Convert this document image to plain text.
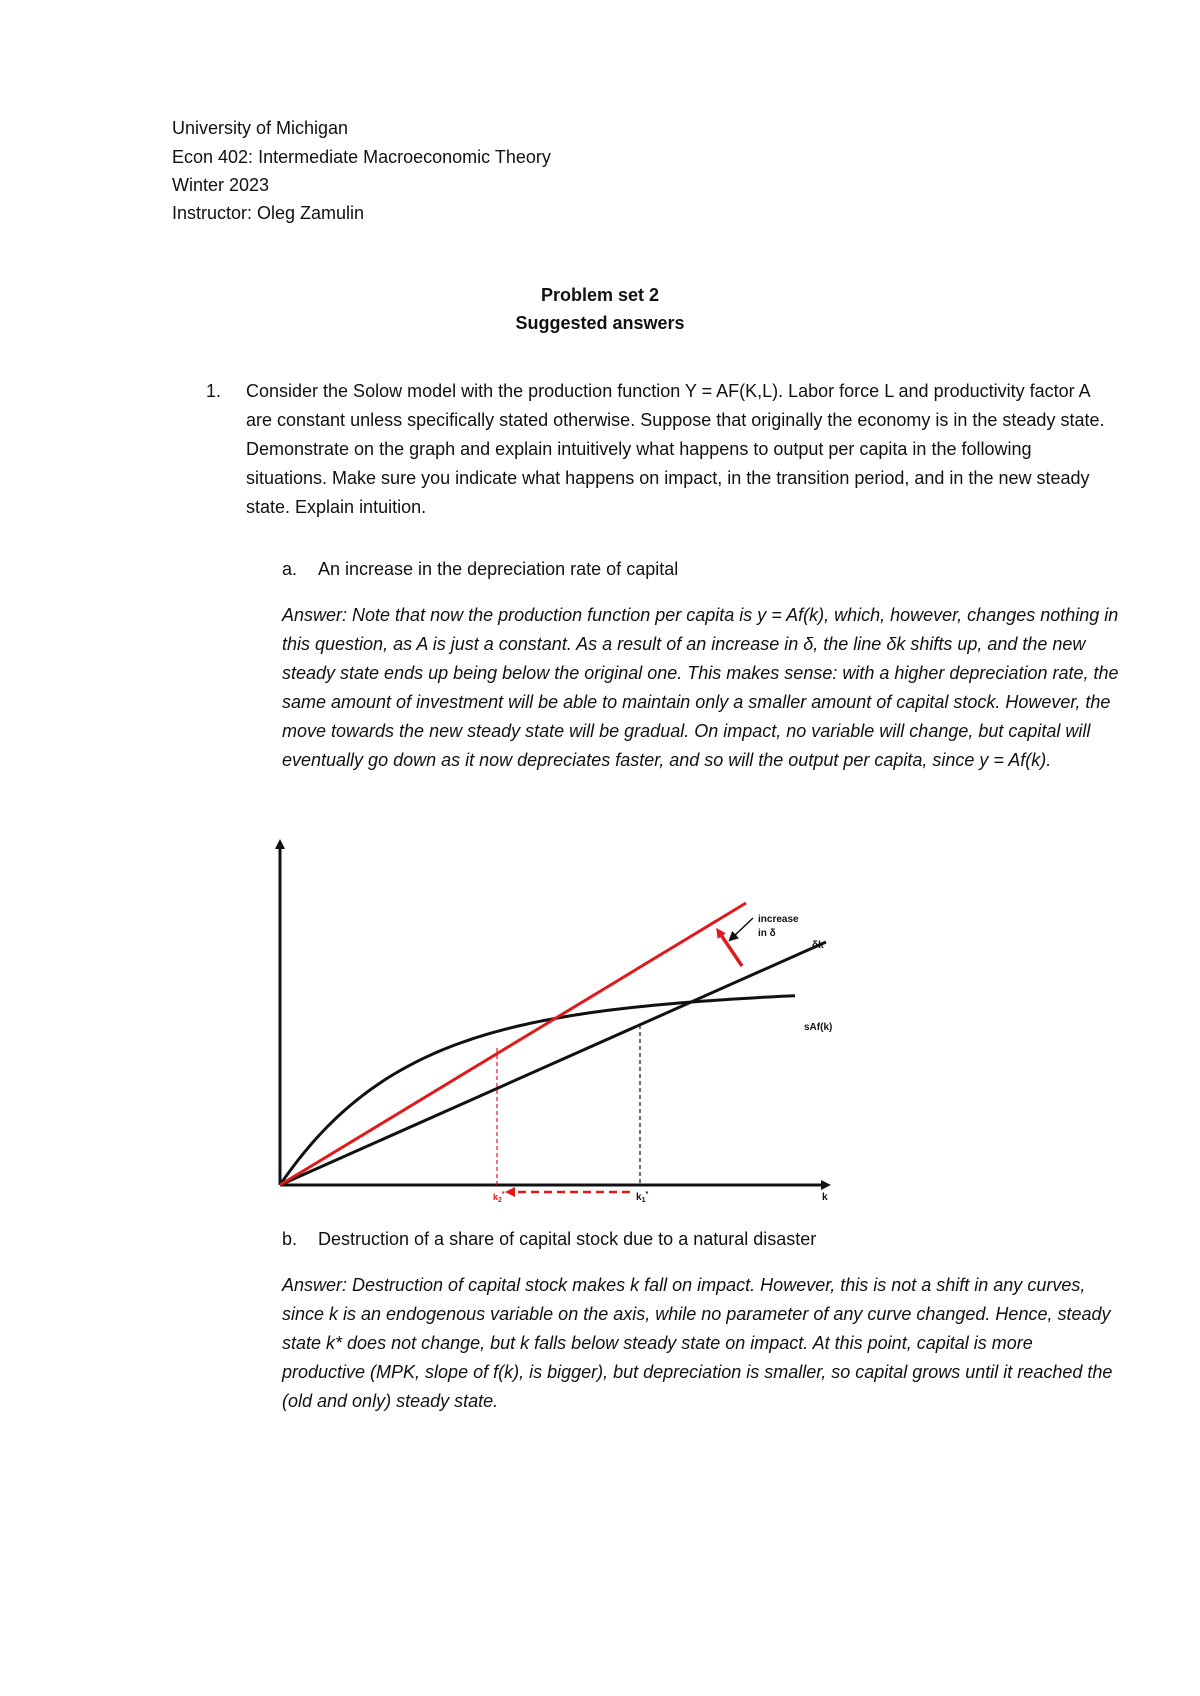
University of Michigan
Econ 402: Intermediate Macroeconomic Theory
Winter 2023
Instructor: Oleg Zamulin
Problem set 2
Suggested answers
1. Consider the Solow model with the production function Y = AF(K,L). Labor force L and productivity factor A are constant unless specifically stated otherwise. Suppose that originally the economy is in the steady state. Demonstrate on the graph and explain intuitively what happens to output per capita in the following situations. Make sure you indicate what happens on impact, in the transition period, and in the new steady state. Explain intuition.
a. An increase in the depreciation rate of capital
Answer: Note that now the production function per capita is y = Af(k), which, however, changes nothing in this question, as A is just a constant. As a result of an increase in δ, the line δk shifts up, and the new steady state ends up being below the original one. This makes sense: with a higher depreciation rate, the same amount of investment will be able to maintain only a smaller amount of capital stock. However, the move towards the new steady state will be gradual. On impact, no variable will change, but capital will eventually go down as it now depreciates faster, and so will the output per capita, since y = Af(k).
increase
in δ
δk
sAf(k)
k
$k_1^*$
$k_2^*$
b. Destruction of a share of capital stock due to a natural disaster
Answer: Destruction of capital stock makes k fall on impact. However, this is not a shift in any curves, since k is an endogenous variable on the axis, while no parameter of any curve changed. Hence, steady state k* does not change, but k falls below steady state on impact. At this point, capital is more productive (MPK, slope of f(k), is bigger), but depreciation is smaller, so capital grows until it reached the (old and only) steady state.
